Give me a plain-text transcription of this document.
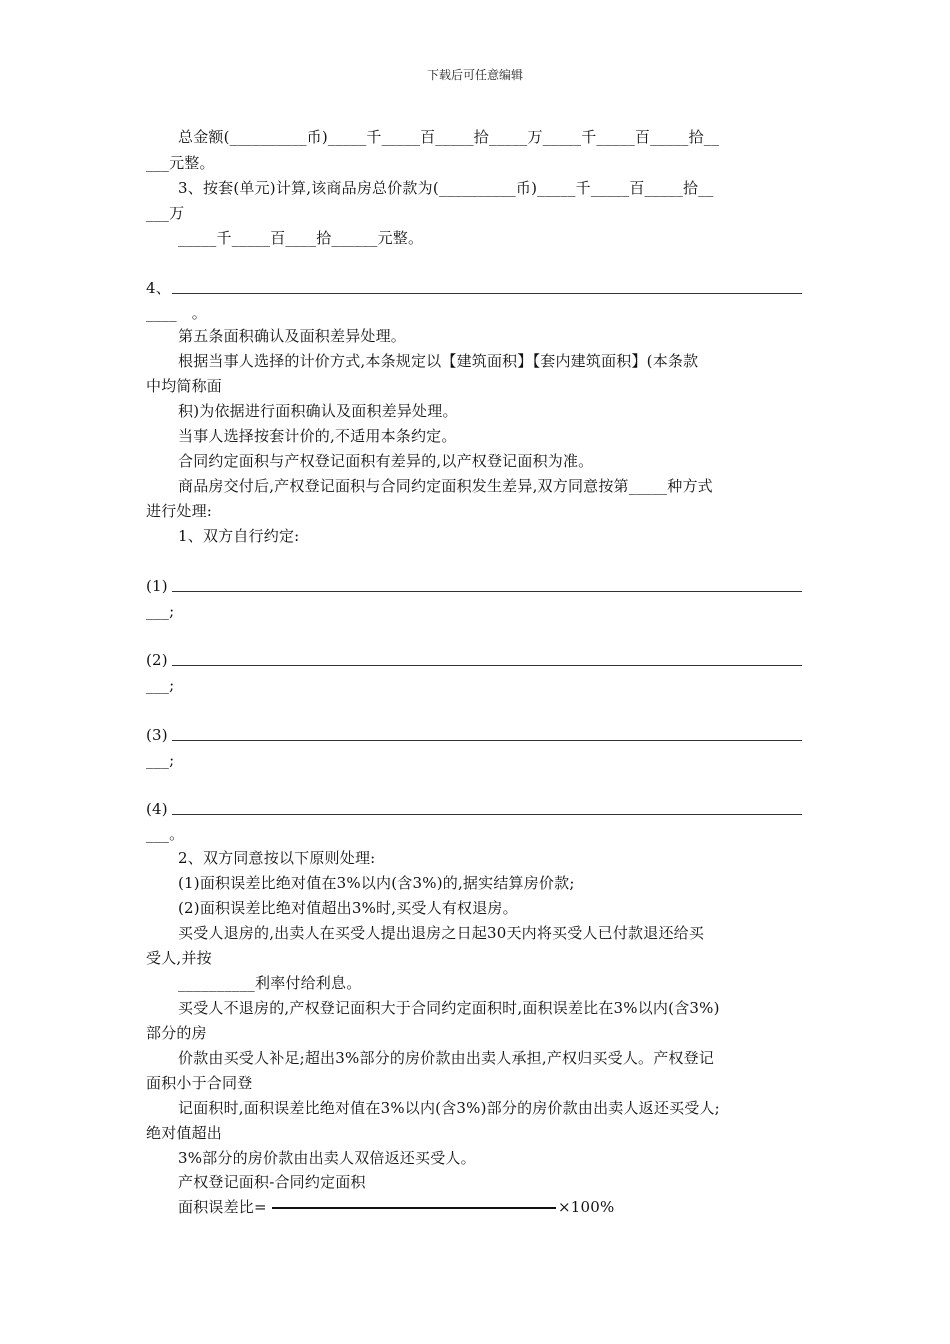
下载后可任意编辑
总金额(__________币)_____千_____百_____拾_____万_____千_____百_____拾__
___元整。
3、按套(单元)计算,该商品房总价款为(__________币)_____千_____百_____拾__
___万
_____千_____百____拾______元整。
4、
____   。
第五条面积确认及面积差异处理。
根据当事人选择的计价方式,本条规定以【建筑面积】【套内建筑面积】(本条款
中均简称面
积)为依据进行面积确认及面积差异处理。
当事人选择按套计价的,不适用本条约定。
合同约定面积与产权登记面积有差异的,以产权登记面积为准。
商品房交付后,产权登记面积与合同约定面积发生差异,双方同意按第_____种方式
进行处理:
1、双方自行约定:
(1)
___;
(2)
___;
(3)
___;
(4)
___。
2、双方同意按以下原则处理:
(1)面积误差比绝对值在3%以内(含3%)的,据实结算房价款;
(2)面积误差比绝对值超出3%时,买受人有权退房。
买受人退房的,出卖人在买受人提出退房之日起30天内将买受人已付款退还给买
受人,并按
__________利率付给利息。
买受人不退房的,产权登记面积大于合同约定面积时,面积误差比在3%以内(含3%)
部分的房
价款由买受人补足;超出3%部分的房价款由出卖人承担,产权归买受人。产权登记
面积小于合同登
记面积时,面积误差比绝对值在3%以内(含3%)部分的房价款由出卖人返还买受人;
绝对值超出
3%部分的房价款由出卖人双倍返还买受人。
产权登记面积-合同约定面积
面积误差比=	×100%
